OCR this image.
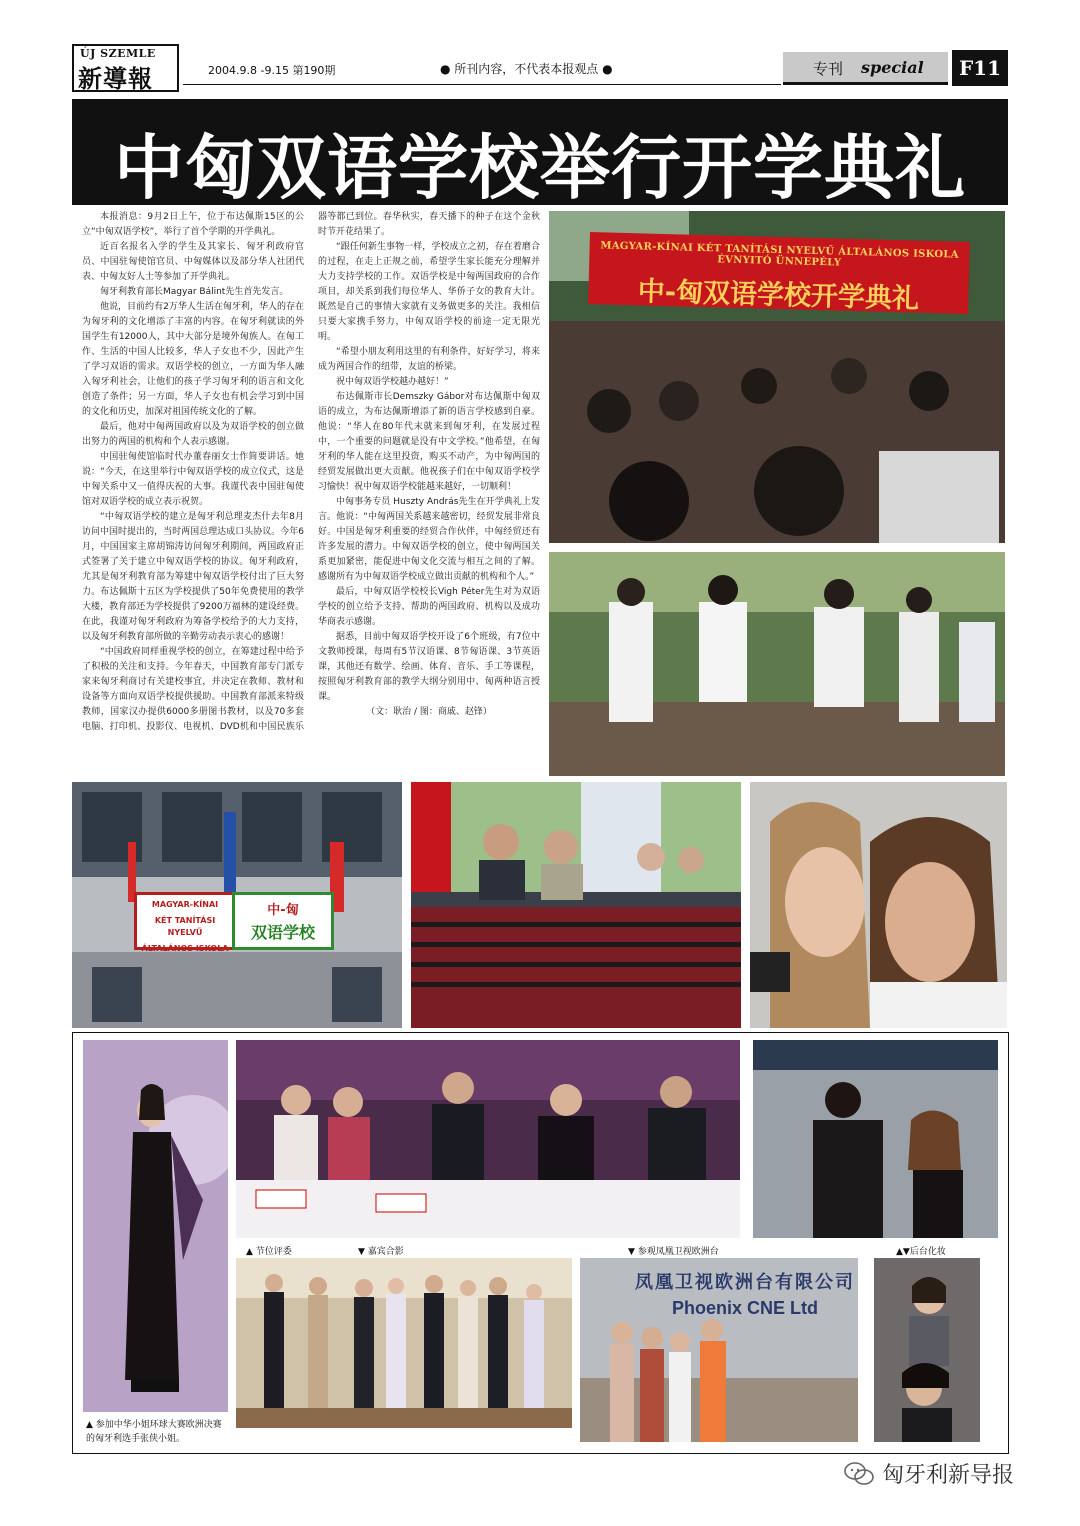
ÚJ SZEMLE
新導報	2004.9.8 -9.15 第190期	● 所刊内容，不代表本报观点 ●	专刊 special	F11
中匈双语学校举行开学典礼

本报消息：9月2日上午，位于布达佩斯15区的公立“中匈双语学校”，举行了首个学期的开学典礼。

近百名报名入学的学生及其家长、匈牙利政府官员、中国驻匈使馆官员、中匈媒体以及部分华人社团代表、中匈友好人士等参加了开学典礼。

匈牙利教育部长Magyar Bálint先生首先发言。

他说，目前约有2万华人生活在匈牙利，华人的存在为匈牙利的文化增添了丰富的内容。在匈牙利就读的外国学生有12000人，其中大部分是境外匈族人。在匈工作、生活的中国人比较多，华人子女也不少，因此产生了学习双语的需求。双语学校的创立，一方面为华人融入匈牙利社会，让他们的孩子学习匈牙利的语言和文化创造了条件；另一方面，华人子女也有机会学习到中国的文化和历史，加深对祖国传统文化的了解。

最后，他对中匈两国政府以及为双语学校的创立做出努力的两国的机构和个人表示感谢。

中国驻匈使馆临时代办董春丽女士作简要讲话。她说：“今天，在这里举行中匈双语学校的成立仪式，这是中匈关系中又一值得庆祝的大事。我谨代表中国驻匈使馆对双语学校的成立表示祝贺。

“中匈双语学校的建立是匈牙利总理麦杰什去年8月访问中国时提出的，当时两国总理达成口头协议。今年6月，中国国家主席胡锦涛访问匈牙利期间，两国政府正式签署了关于建立中匈双语学校的协议。匈牙利政府，尤其是匈牙利教育部为筹建中匈双语学校付出了巨大努力。布达佩斯十五区为学校提供了50年免费使用的教学大楼，教育部还为学校提供了9200万福林的建设经费。在此，我谨对匈牙利政府为筹备学校给予的大力支持，以及匈牙利教育部所做的辛勤劳动表示衷心的感谢！

“中国政府同样重视学校的创立，在筹建过程中给予了积极的关注和支持。今年春天，中国教育部专门派专家来匈牙利商讨有关建校事宜，并决定在教师、教材和设备等方面向双语学校提供援助。中国教育部派来特级教师，国家汉办提供6000多册图书教材，以及70多套电脑、打印机、投影仪、电视机、DVD机和中国民族乐器等都已到位。春华秋实，春天播下的种子在这个金秋时节开花结果了。

“跟任何新生事物一样，学校成立之初，存在着磨合的过程，在走上正规之前，希望学生家长能充分理解并大力支持学校的工作。双语学校是中匈两国政府的合作项目，却关系到我们每位华人、华侨子女的教育大计。既然是自己的事情大家就有义务做更多的关注。我相信只要大家携手努力，中匈双语学校的前途一定无限光明。

“希望小朋友利用这里的有利条件，好好学习，将来成为两国合作的纽带，友谊的桥梁。

祝中匈双语学校越办越好！”

布达佩斯市长Demszky Gábor对布达佩斯中匈双语的成立，为布达佩斯增添了新的语言学校感到自豪。他说：“华人在80年代末就来到匈牙利，在发展过程中，一个重要的问题就是没有中文学校。”他希望，在匈牙利的华人能在这里投资，购买不动产，为中匈两国的经贸发展做出更大贡献。他祝孩子们在中匈双语学校学习愉快！祝中匈双语学校能越来越好，一切顺利！

中匈事务专员 Huszty András先生在开学典礼上发言。他说：“中匈两国关系越来越密切，经贸发展非常良好。中国是匈牙利重要的经贸合作伙伴，中匈经贸还有许多发展的潜力。中匈双语学校的创立，使中匈两国关系更加紧密，能促进中匈文化交流与相互之间的了解。感谢所有为中匈双语学校成立做出贡献的机构和个人。”

最后，中匈双语学校校长Vigh Péter先生对为双语学校的创立给予支持、帮助的两国政府、机构以及成功华商表示感谢。

据悉，目前中匈双语学校开设了6个班级，有7位中文教师授课，每周有5节汉语课、8节匈语课、3节英语课，其他还有数学、绘画、体育、音乐、手工等课程，按照匈牙利教育部的教学大纲分别用中、匈两种语言授课。

（文：耿治 / 图：商戚、赵锋）

MAGYAR-KÍNAI KÉT TANÍTÁSI NYELVŰ ÁLTALÁNOS ISKOLA ÉVNYITÓ ÜNNEPÉLY
中-匈双语学校开学典礼
MAGYAR-KÍNAI
KÉT TANÍTÁSI NYELVŰ
ÁLTALÁNOS ISKOLA
中-匈
双语学校
凤凰卫视欧洲台有限公司
Phoenix CNE Ltd
▲ 节位评委	▼ 嘉宾合影	▼ 参观凤凰卫视欧洲台	▲▼后台化妆
▲ 参加中华小姐环球大赛欧洲决赛的匈牙利选手张侠小姐。
匈牙利新导报
